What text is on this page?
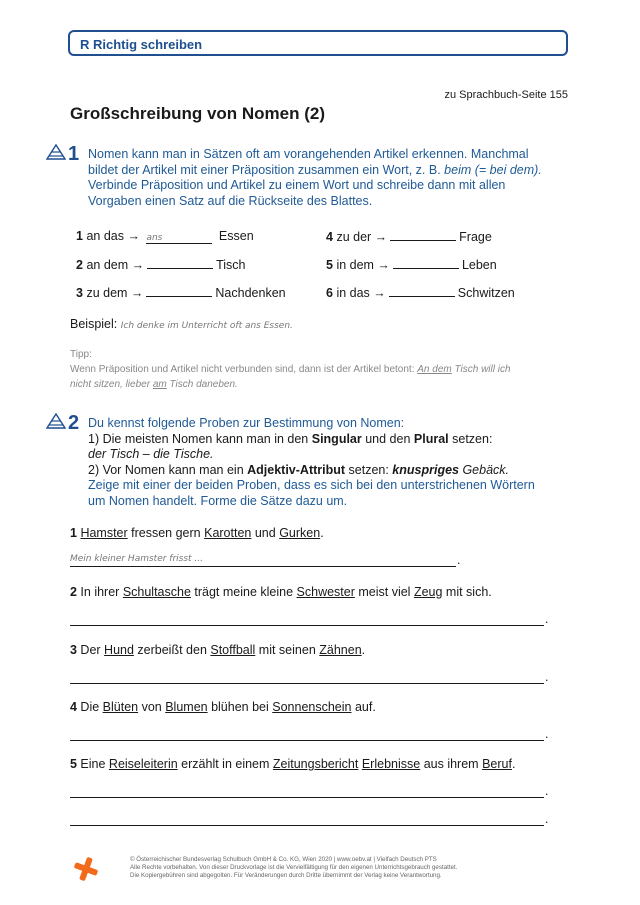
R Richtig schreiben
zu Sprachbuch-Seite 155
Großschreibung von Nomen (2)
1 Nomen kann man in Sätzen oft am vorangehenden Artikel erkennen. Manchmal
bildet der Artikel mit einer Präposition zusammen ein Wort, z. B. beim (= bei dem).
Verbinde Präposition und Artikel zu einem Wort und schreibe dann mit allen
Vorgaben einen Satz auf die Rückseite des Blattes.
1 an das → ans	Essen
2 an dem →	Tisch
3 zu dem →	Nachdenken
4 zu der →	Frage
5 in dem →	Leben
6 in das →	Schwitzen
Beispiel: Ich denke im Unterricht oft ans Essen.
Tipp:
Wenn Präposition und Artikel nicht verbunden sind, dann ist der Artikel betont: An dem Tisch will ich
nicht sitzen, lieber am Tisch daneben.
2 Du kennst folgende Proben zur Bestimmung von Nomen:
1) Die meisten Nomen kann man in den Singular und den Plural setzen:
der Tisch – die Tische.
2) Vor Nomen kann man ein Adjektiv-Attribut setzen: knuspriges Gebäck.
Zeige mit einer der beiden Proben, dass es sich bei den unterstrichenen Wörtern
um Nomen handelt. Forme die Sätze dazu um.
1 Hamster fressen gern Karotten und Gurken.
Mein kleiner Hamster frisst ...	.
2 In ihrer Schultasche trägt meine kleine Schwester meist viel Zeug mit sich.
.
3 Der Hund zerbeißt den Stoffball mit seinen Zähnen.
.
4 Die Blüten von Blumen blühen bei Sonnenschein auf.
.
5 Eine Reiseleiterin erzählt in einem Zeitungsbericht Erlebnisse aus ihrem Beruf.
.
.
© Österreichischer Bundesverlag Schulbuch GmbH & Co. KG, Wien 2020 | www.oebv.at | Vielfach Deutsch PTS
Alle Rechte vorbehalten. Von dieser Druckvorlage ist die Vervielfältigung für den eigenen Unterrichtsgebrauch gestattet.
Die Kopiergebühren sind abgegolten. Für Veränderungen durch Dritte übernimmt der Verlag keine Verantwortung.
